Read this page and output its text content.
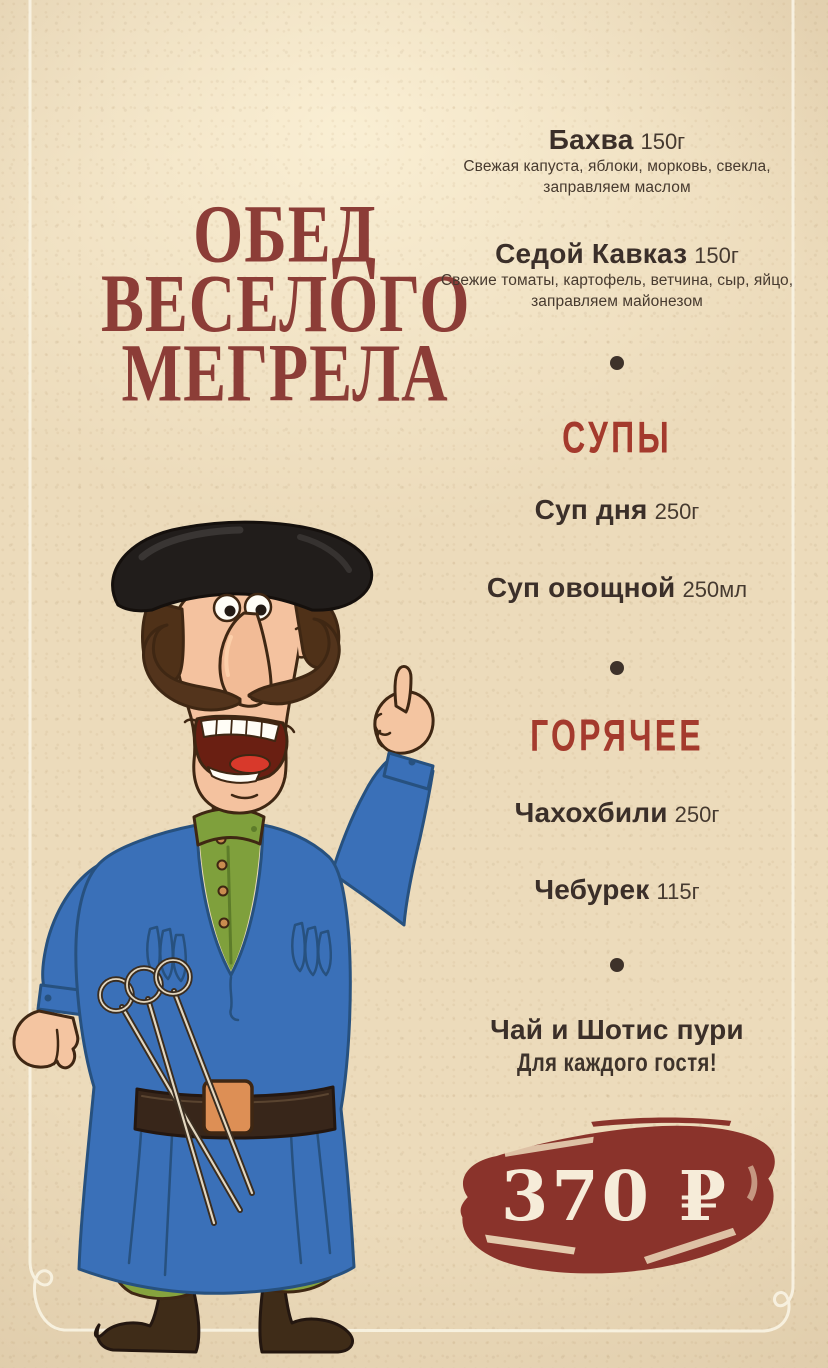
ОБЕД
ВЕСЕЛОГО
МЕГРЕЛА
Бахва 150г
Свежая капуста, яблоки, морковь, свекла, заправляем маслом
Седой Кавказ 150г
Свежие томаты, картофель, ветчина, сыр, яйцо, заправляем майонезом
СУПЫ
Суп дня 250г
Суп овощной 250мл
ГОРЯЧЕЕ
Чахохбили 250г
Чебурек 115г
Чай и Шотис пури
Для каждого гостя!
370 ₽
